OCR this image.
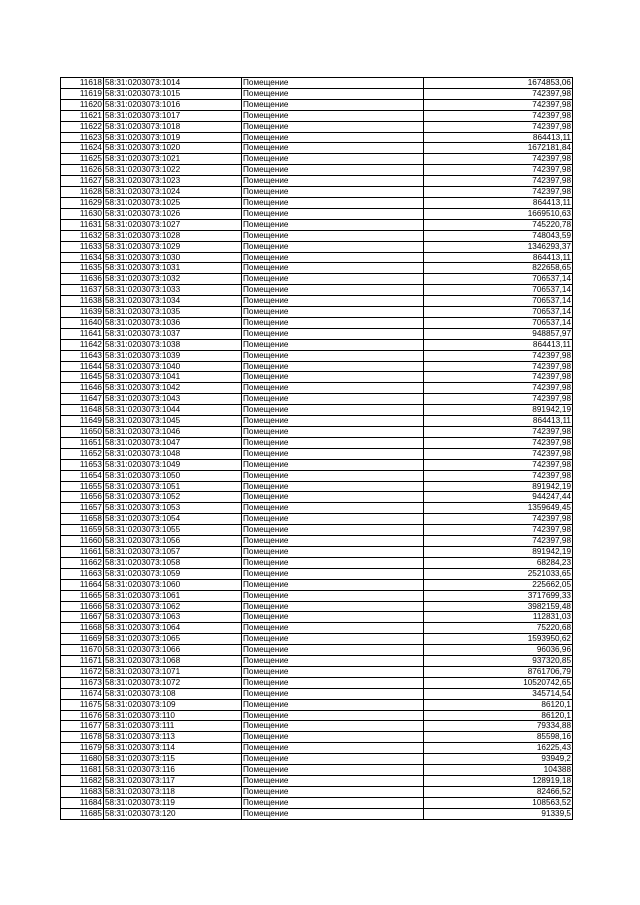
11618	58:31:0203073:1014	Помещение	1674853,06
11619	58:31:0203073:1015	Помещение	742397,98
11620	58:31:0203073:1016	Помещение	742397,98
11621	58:31:0203073:1017	Помещение	742397,98
11622	58:31:0203073:1018	Помещение	742397,98
11623	58:31:0203073:1019	Помещение	864413,11
11624	58:31:0203073:1020	Помещение	1672181,84
11625	58:31:0203073:1021	Помещение	742397,98
11626	58:31:0203073:1022	Помещение	742397,98
11627	58:31:0203073:1023	Помещение	742397,98
11628	58:31:0203073:1024	Помещение	742397,98
11629	58:31:0203073:1025	Помещение	864413,11
11630	58:31:0203073:1026	Помещение	1669510,63
11631	58:31:0203073:1027	Помещение	745220,78
11632	58:31:0203073:1028	Помещение	748043,59
11633	58:31:0203073:1029	Помещение	1346293,37
11634	58:31:0203073:1030	Помещение	864413,11
11635	58:31:0203073:1031	Помещение	822658,65
11636	58:31:0203073:1032	Помещение	706537,14
11637	58:31:0203073:1033	Помещение	706537,14
11638	58:31:0203073:1034	Помещение	706537,14
11639	58:31:0203073:1035	Помещение	706537,14
11640	58:31:0203073:1036	Помещение	706537,14
11641	58:31:0203073:1037	Помещение	948857,97
11642	58:31:0203073:1038	Помещение	864413,11
11643	58:31:0203073:1039	Помещение	742397,98
11644	58:31:0203073:1040	Помещение	742397,98
11645	58:31:0203073:1041	Помещение	742397,98
11646	58:31:0203073:1042	Помещение	742397,98
11647	58:31:0203073:1043	Помещение	742397,98
11648	58:31:0203073:1044	Помещение	891942,19
11649	58:31:0203073:1045	Помещение	864413,11
11650	58:31:0203073:1046	Помещение	742397,98
11651	58:31:0203073:1047	Помещение	742397,98
11652	58:31:0203073:1048	Помещение	742397,98
11653	58:31:0203073:1049	Помещение	742397,98
11654	58:31:0203073:1050	Помещение	742397,98
11655	58:31:0203073:1051	Помещение	891942,19
11656	58:31:0203073:1052	Помещение	944247,44
11657	58:31:0203073:1053	Помещение	1359649,45
11658	58:31:0203073:1054	Помещение	742397,98
11659	58:31:0203073:1055	Помещение	742397,98
11660	58:31:0203073:1056	Помещение	742397,98
11661	58:31:0203073:1057	Помещение	891942,19
11662	58:31:0203073:1058	Помещение	68284,23
11663	58:31:0203073:1059	Помещение	2521033,65
11664	58:31:0203073:1060	Помещение	225662,05
11665	58:31:0203073:1061	Помещение	3717699,33
11666	58:31:0203073:1062	Помещение	3982159,48
11667	58:31:0203073:1063	Помещение	112831,03
11668	58:31:0203073:1064	Помещение	75220,68
11669	58:31:0203073:1065	Помещение	1593950,62
11670	58:31:0203073:1066	Помещение	96036,96
11671	58:31:0203073:1068	Помещение	937320,85
11672	58:31:0203073:1071	Помещение	8761706,79
11673	58:31:0203073:1072	Помещение	10520742,65
11674	58:31:0203073:108	Помещение	345714,54
11675	58:31:0203073:109	Помещение	86120,1
11676	58:31:0203073:110	Помещение	86120,1
11677	58:31:0203073:111	Помещение	79334,88
11678	58:31:0203073:113	Помещение	85598,16
11679	58:31:0203073:114	Помещение	16225,43
11680	58:31:0203073:115	Помещение	93949,2
11681	58:31:0203073:116	Помещение	104388
11682	58:31:0203073:117	Помещение	128919,18
11683	58:31:0203073:118	Помещение	82466,52
11684	58:31:0203073:119	Помещение	108563,52
11685	58:31:0203073:120	Помещение	91339,5
